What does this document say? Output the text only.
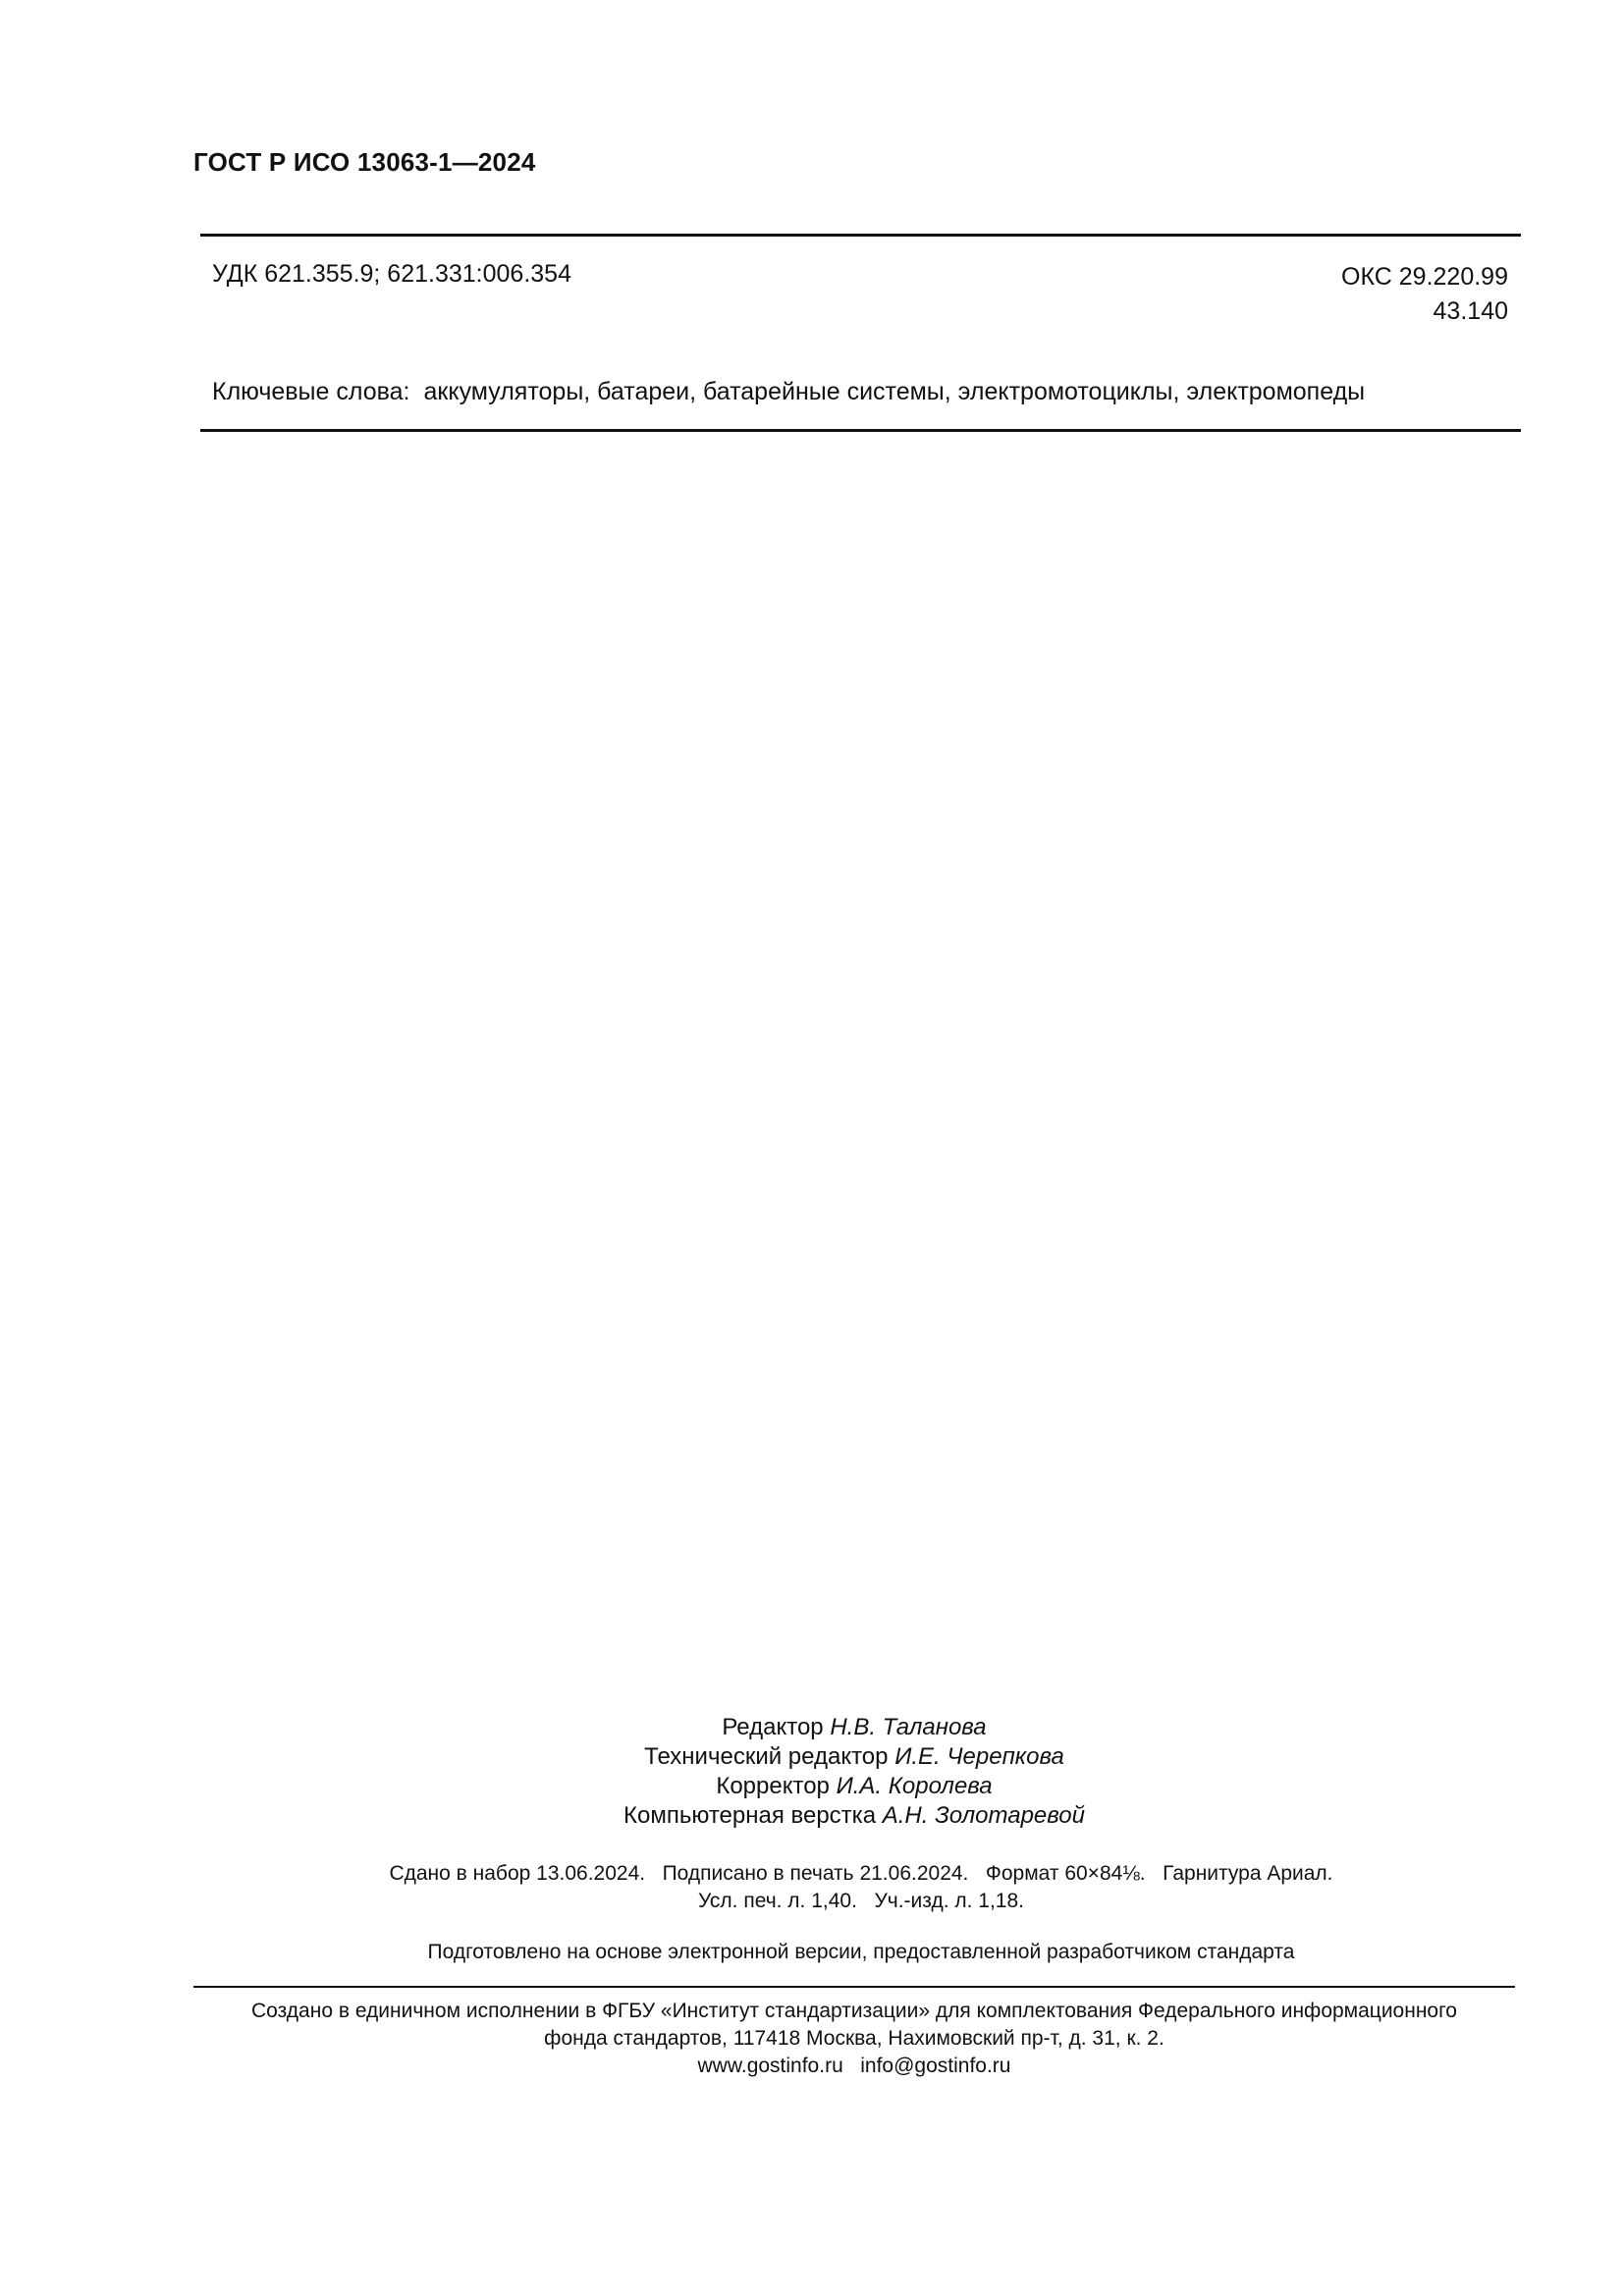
ГОСТ Р ИСО 13063-1—2024
УДК 621.355.9; 621.331:006.354	ОКС 29.220.99
43.140
Ключевые слова: аккумуляторы, батареи, батарейные системы, электромотоциклы, электромопеды
Редактор Н.В. Таланова
Технический редактор И.Е. Черепкова
Корректор И.А. Королева
Компьютерная верстка А.Н. Золотаревой
Сдано в набор 13.06.2024.   Подписано в печать 21.06.2024.   Формат 60×84⅛.   Гарнитура Ариал.
Усл. печ. л. 1,40.   Уч.-изд. л. 1,18.
Подготовлено на основе электронной версии, предоставленной разработчиком стандарта
Создано в единичном исполнении в ФГБУ «Институт стандартизации» для комплектования Федерального информационного
фонда стандартов, 117418 Москва, Нахимовский пр-т, д. 31, к. 2.
www.gostinfo.ru   info@gostinfo.ru
